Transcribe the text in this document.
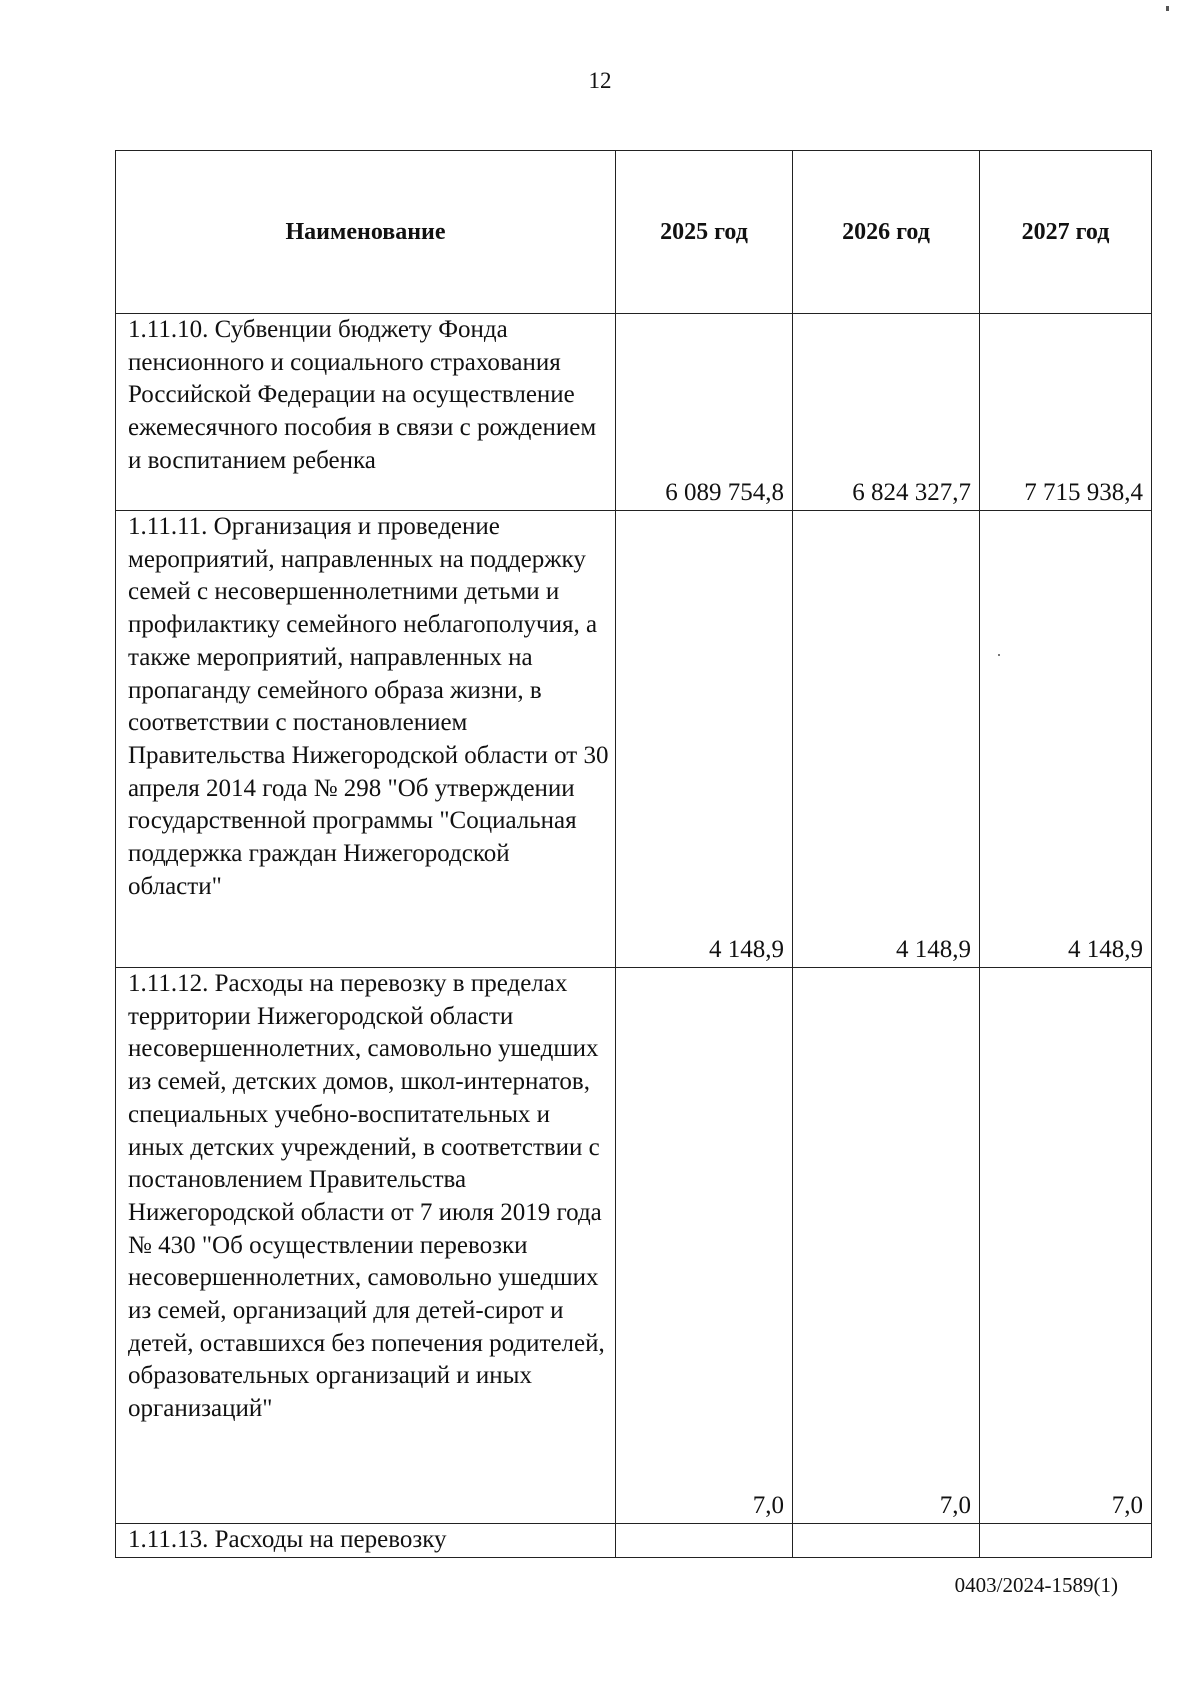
12
Наименование	2025 год	2026 год	2027 год
1.11.10. Субвенции бюджету Фонда пенсионного и социального страхования Российской Федерации на осуществление ежемесячного пособия в связи с рождением и воспитанием ребенка	6 089 754,8	6 824 327,7	7 715 938,4
1.11.11. Организация и проведение мероприятий, направленных на поддержку семей с несовершеннолетними детьми и профилактику семейного неблагополучия, а также мероприятий, направленных на пропаганду семейного образа жизни, в соответствии с постановлением Правительства Нижегородской области от 30 апреля 2014 года № 298 "Об утверждении государственной программы "Социальная поддержка граждан Нижегородской области"	4 148,9	4 148,9	4 148,9
1.11.12. Расходы на перевозку в пределах территории Нижегородской области несовершеннолетних, самовольно ушедших из семей, детских домов, школ-интернатов, специальных учебно-воспитательных и иных детских учреждений, в соответствии с постановлением Правительства Нижегородской области от 7 июля 2019 года № 430 "Об осуществлении перевозки несовершеннолетних, самовольно ушедших из семей, организаций для детей-сирот и детей, оставшихся без попечения родителей, образовательных организаций и иных организаций"	7,0	7,0	7,0
1.11.13. Расходы на перевозку			
0403/2024-1589(1)
